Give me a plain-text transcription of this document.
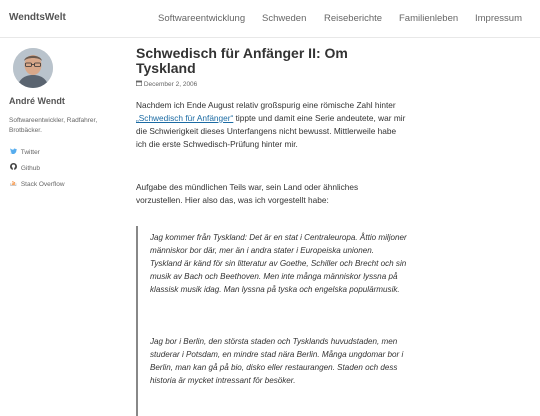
WendtsWelt	Softwareentwicklung Schweden Reiseberichte Familienleben Impressum
André Wendt
Softwareentwickler, Radfahrer, Brotbäcker.
Twitter
Github
Stack Overflow
Schwedisch für Anfänger II: Om Tyskland
December 2, 2006

Nachdem ich Ende August relativ großspurig eine römische Zahl hinter „Schwedisch für Anfänger“ tippte und damit eine Serie andeutete, war mir die Schwierigkeit dieses Unterfangens nicht bewusst. Mittlerweile habe ich die erste Schwedisch-Prüfung hinter mir.

Aufgabe des mündlichen Teils war, sein Land oder ähnliches vorzustellen. Hier also das, was ich vorgestellt habe:

Jag kommer från Tyskland: Det är en stat i Centraleuropa. Åttio miljoner människor bor där, mer än i andra stater i Europeiska unionen. Tyskland är känd för sin litteratur av Goethe, Schiller och Brecht och sin musik av Bach och Beethoven. Men inte många människor lyssna på klassisk musik idag. Man lyssna på tyska och engelska populärmusik.

Jag bor i Berlin, den största staden och Tysklands huvudstaden, men studerar i Potsdam, en mindre stad nära Berlin. Många ungdomar bor i Berlin, man kan gå på bio, disko eller restaurangen. Staden och dess historia är mycket intressant för besöker.
